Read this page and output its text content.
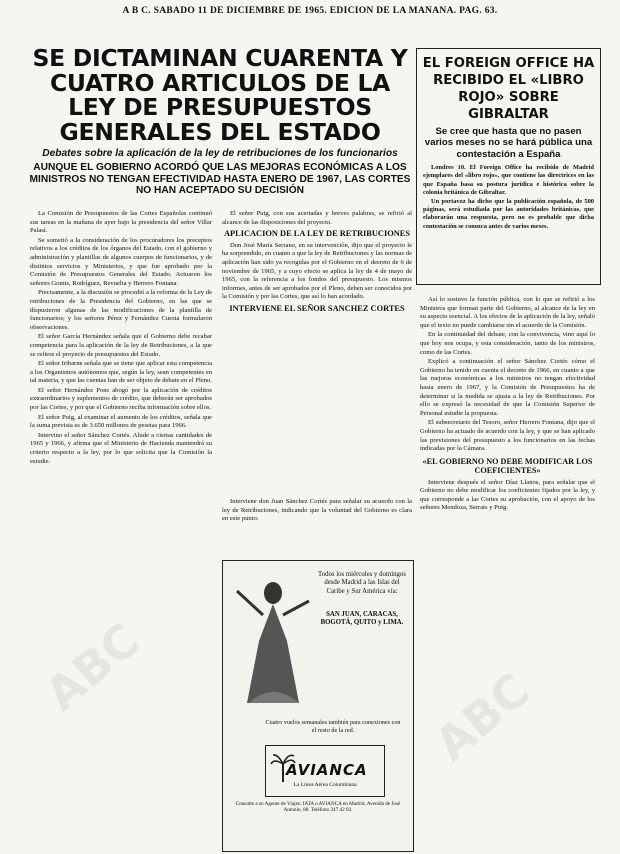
A B C. SABADO 11 DE DICIEMBRE DE 1965. EDICION DE LA MAÑANA. PAG. 63.
SE DICTAMINAN CUARENTA Y CUATRO ARTICULOS DE LA LEY DE PRESUPUESTOS GENERALES DEL ESTADO
Debates sobre la aplicación de la ley de retribuciones de los funcionarios
AUNQUE EL GOBIERNO ACORDÓ QUE LAS MEJORAS ECONÓMICAS A LOS MINISTROS NO TENGAN EFECTIVIDAD HASTA ENERO DE 1967, LAS CORTES NO HAN ACEPTADO SU DECISIÓN

La Comisión de Presupuestos de las Cortes Españolas continuó sus tareas en la mañana de ayer bajo la presidencia del señor Villar Palasí.

Se sometió a la consideración de los procuradores los preceptos relativos a los créditos de los órganos del Estado, con el gobierno y administración y plantillas de algunos cuerpos de funcionarios, y de distintos servicios y Ministerios, y que fue aprobado por la Comisión de Presupuestos Generales del Estado. Actuaron los señores Gomis, Rodríguez, Revuelta y Herrero Fontana.

Precisamente, a la discusión se procedió a la reforma de la Ley de retribuciones de la Presidencia del Gobierno, en las que se dispusieron algunas de las modificaciones de la plantilla de funcionarios; y los señores Pérez y Fernández Cuesta formularon observaciones.

El señor García Hernández señala que el Gobierno debe recabar competencia para la aplicación de la ley de Retribuciones, a la que se refiere el proyecto de presupuestos del Estado.

El señor Iribarne señala que se tiene que aplicar esta competencia a los Organismos autónomos que, según la ley, sean competentes en tal materia, y que las cuentas han de ser objeto de debate en el Pleno.

El señor Hernández Pons abogó por la aplicación de créditos extraordinarios y suplementos de crédito, que deberán ser aprobados por las Cortes, y por que el Gobierno reciba información sobre ellos.

El señor Puig, al examinar el aumento de los créditos, señala que la suma prevista es de 3.650 millones de pesetas para 1966.

Intervino el señor Sánchez Cortés. Alude a ciertas cantidades de 1965 y 1966, y afirma que el Ministerio de Hacienda mantendrá su criterio respecto a la ley, por lo que solicita que la Comisión la estudie.

El señor Puig, con sus acertadas y breves palabras, se refirió al alcance de las disposiciones del proyecto.

APLICACION DE LA LEY DE RETRIBUCIONES

Don José María Serrano, en su intervención, dijo que el proyecto le ha sorprendido, en cuanto a que la ley de Retribuciones y las normas de aplicación han sido ya recogidas por el Gobierno en el decreto de 6 de noviembre de 1965, y a cuyo efecto se aplica la ley de 4 de mayo de 1965, con la referencia a los fondos del presupuesto. Los mismos informes, antes de ser aprobados por el Pleno, deben ser conocidos por la Comisión y por las Cortes, que así lo han acordado.

INTERVIENE EL SEÑOR SANCHEZ CORTES

Interviene don Juan Sánchez Cortés para señalar su acuerdo con la ley de Retribuciones, indicando que la voluntad del Gobierno es clara en este punto.

EL FOREIGN OFFICE HA RECIBIDO EL «LIBRO ROJO» SOBRE GIBRALTAR
Se cree que hasta que no pasen varios meses no se hará pública una contestación a España

Londres 10. El Foreign Office ha recibido de Madrid ejemplares del «libro rojo», que contiene las directrices en las que España basa su postura jurídica e histórica sobre la colonia británica de Gibraltar.

Un portavoz ha dicho que la publicación española, de 500 páginas, será estudiada por las autoridades británicas, que elaborarán una respuesta, pero no es probable que dicha contestación se conozca antes de varios meses.

Así lo sostuvo la función pública, con lo que se refirió a los Ministros que forman parte del Gobierno, al alcance de la ley en su aspecto esencial. A los efectos de la aplicación de la ley, señaló que el texto no puede cambiarse sin el acuerdo de la Comisión.

En la continuidad del debate, con la convivencia, vino aquí lo que hoy nos ocupa, y esta consideración, tanto de los ministros, como de las Cortes.

Explicó a continuación el señor Sánchez Cortés cómo el Gobierno ha tenido en cuenta el decreto de 1966, en cuanto a que las mejoras económicas a los ministros no tengan efectividad hasta enero de 1967, y la Comisión de Presupuestos ha de determinar si la medida se ajusta a la ley de Retribuciones. Por ello se expresó la necesidad de que la Comisión Superior de Personal estudie la propuesta.

El subsecretario del Tesoro, señor Herrero Fontana, dijo que el Gobierno ha actuado de acuerdo con la ley, y que se han aplicado las previsiones del presupuesto a los funcionarios en las fechas indicadas por la Cámara.

«EL GOBIERNO NO DEBE MODIFICAR LOS COEFICIENTES»

Interviene después el señor Díaz Llanos, para señalar que el Gobierno no debe modificar los coeficientes fijados por la ley, y que corresponde a las Cortes su aprobación, con el apoyo de los señores Mendoza, Serrats y Puig.

Todos los miércoles y domingos desde Madrid a las Islas del Caribe y Sur América vía:
SAN JUAN, CARACAS, BOGOTÁ, QUITO y LIMA.
Cuatro vuelos semanales también para conexiones con el resto de la red.
AVIANCA
La Línea Aérea Colombiana
Consulte a su Agente de Viajes: IATA o AVIANCA en Madrid, Avenida de José Antonio, 88. Teléfono 247 42 03.
ABC	ABC
